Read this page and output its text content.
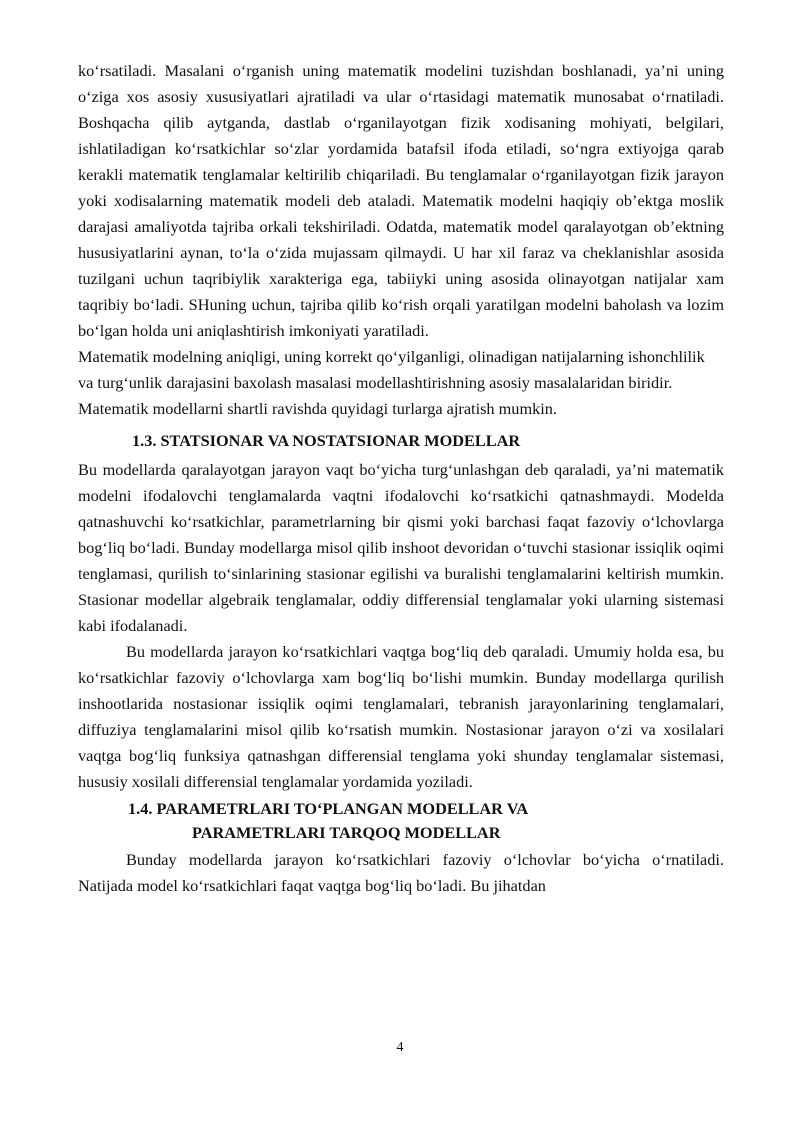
ko‘rsatiladi. Masalani o‘rganish uning matematik modelini tuzishdan boshlanadi, ya’ni uning o‘ziga xos asosiy xususiyatlari ajratiladi va ular o‘rtasidagi matematik munosabat o‘rnatiladi. Boshqacha qilib aytganda, dastlab o‘rganilayotgan fizik xodisaning mohiyati, belgilari, ishlatiladigan ko‘rsatkichlar so‘zlar yordamida batafsil ifoda etiladi, so‘ngra extiyojga qarab kerakli matematik tenglamalar keltirilib chiqariladi. Bu tenglamalar o‘rganilayotgan fizik jarayon yoki xodisalarning matematik modeli deb ataladi. Matematik modelni haqiqiy ob’ektga moslik darajasi amaliyotda tajriba orkali tekshiriladi. Odatda, matematik model qaralayotgan ob’ektning hususiyatlarini aynan, to‘la o‘zida mujassam qilmaydi. U har xil faraz va cheklanishlar asosida tuzilgani uchun taqribiylik xarakteriga ega, tabiiyki uning asosida olinayotgan natijalar xam taqribiy bo‘ladi. SHuning uchun, tajriba qilib ko‘rish orqali yaratilgan modelni baholash va lozim bo‘lgan holda uni aniqlashtirish imkoniyati yaratiladi.

Matematik modelning aniqligi, uning korrekt qo‘yilganligi, olinadigan natijalarning ishonchlilik va turg‘unlik darajasini baxolash masalasi modellashtirishning asosiy masalalaridan biridir. Matematik modellarni shartli ravishda quyidagi turlarga ajratish mumkin.

1.3. STATSIONAR VA NOSTATSIONAR MODELLAR

Bu modellarda qaralayotgan jarayon vaqt bo‘yicha turg‘unlashgan deb qaraladi, ya’ni matematik modelni ifodalovchi tenglamalarda vaqtni ifodalovchi ko‘rsatkichi qatnashmaydi. Modelda qatnashuvchi ko‘rsatkichlar, parametrlarning bir qismi yoki barchasi faqat fazoviy o‘lchovlarga bog‘liq bo‘ladi. Bunday modellarga misol qilib inshoot devoridan o‘tuvchi stasionar issiqlik oqimi tenglamasi, qurilish to‘sinlarining stasionar egilishi va buralishi tenglamalarini keltirish mumkin. Stasionar modellar algebraik tenglamalar, oddiy differensial tenglamalar yoki ularning sistemasi kabi ifodalanadi.

Bu modellarda jarayon ko‘rsatkichlari vaqtga bog‘liq deb qaraladi. Umumiy holda esa, bu ko‘rsatkichlar fazoviy o‘lchovlarga xam bog‘liq bo‘lishi mumkin. Bunday modellarga qurilish inshootlarida nostasionar issiqlik oqimi tenglamalari, tebranish jarayonlarining tenglamalari, diffuziya tenglamalarini misol qilib ko‘rsatish mumkin. Nostasionar jarayon o‘zi va xosilalari vaqtga bog‘liq funksiya qatnashgan differensial tenglama yoki shunday tenglamalar sistemasi, hususiy xosilali differensial tenglamalar yordamida yoziladi.

1.4. PARAMETRLARI TO‘PLANGAN MODELLAR VA
PARAMETRLARI TARQOQ MODELLAR

Bunday modellarda jarayon ko‘rsatkichlari fazoviy o‘lchovlar bo‘yicha o‘rnatiladi. Natijada model ko‘rsatkichlari faqat vaqtga bog‘liq bo‘ladi. Bu jihatdan

4
